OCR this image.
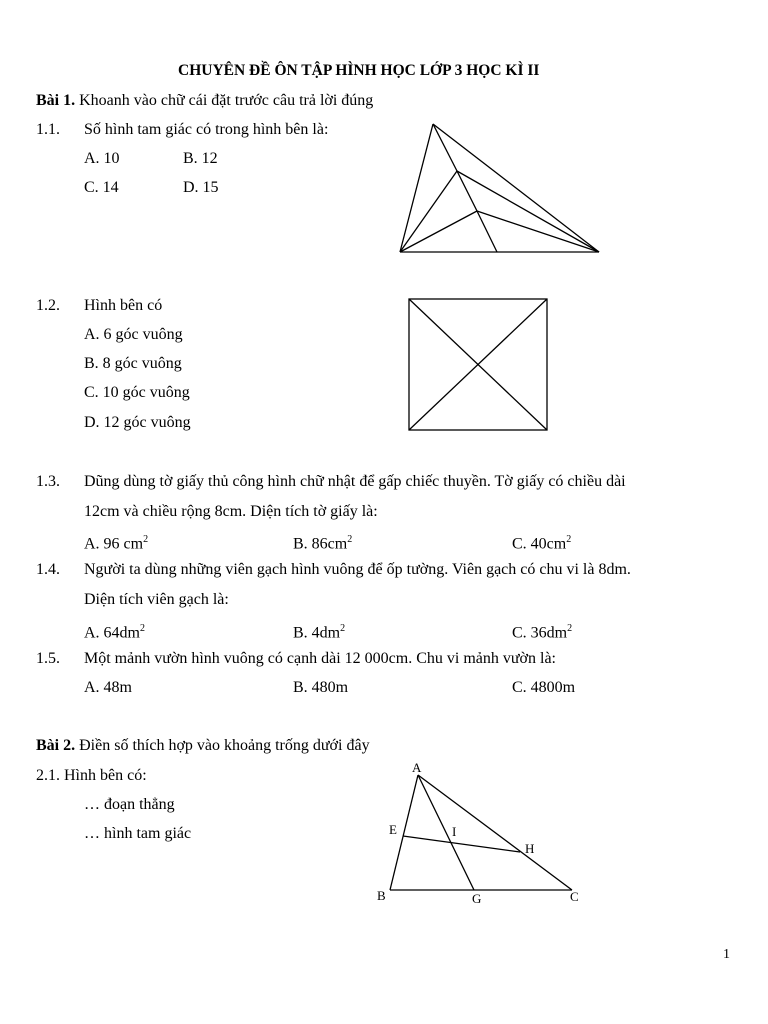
CHUYÊN ĐỀ ÔN TẬP HÌNH HỌC LỚP 3 HỌC KÌ II
Bài 1. Khoanh vào chữ cái đặt trước câu trả lời đúng
1.1. Số hình tam giác có trong hình bên là:
A. 10	B. 12
C. 14	D. 15
1.2. Hình bên có
A. 6 góc vuông
B. 8 góc vuông
C. 10 góc vuông
D. 12 góc vuông
1.3. Dũng dùng tờ giấy thủ công hình chữ nhật để gấp chiếc thuyền. Tờ giấy có chiều dài
12cm và chiều rộng 8cm. Diện tích tờ giấy là:
A. 96 $cm^2$	B. $86cm^2$	C. $40cm^2$
1.4. Người ta dùng những viên gạch hình vuông để ốp tường. Viên gạch có chu vi là 8dm.
Diện tích viên gạch là:
A. $64dm^2$	B. $4dm^2$	C. $36dm^2$
1.5. Một mảnh vườn hình vuông có cạnh dài 12 000cm. Chu vi mảnh vườn là:
A. 48m	B. 480m	C. 4800m
Bài 2. Điền số thích hợp vào khoảng trống dưới đây
2.1. Hình bên có:
… đoạn thẳng
… hình tam giác
A
E	I
H
B	G	C
1
